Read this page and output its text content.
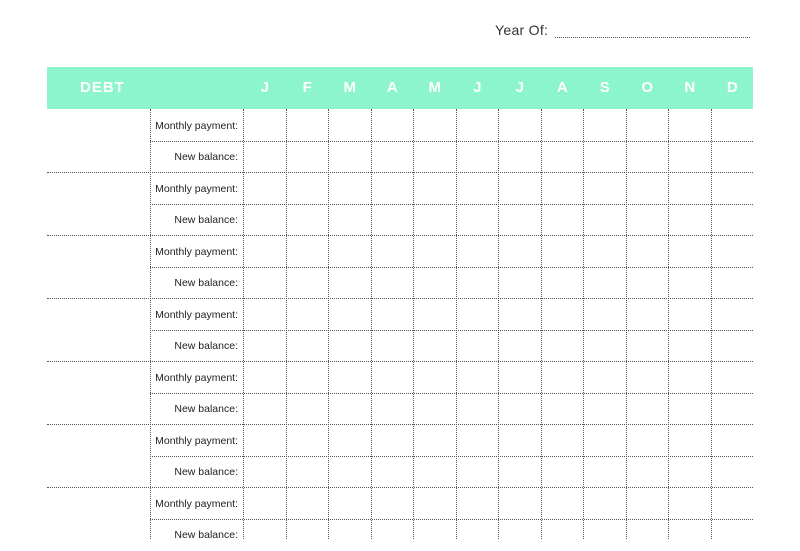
Year Of:
DEBT	J	F	M	A	M	J	J	A	S	O	N	D
Monthly payment:
New balance:
Monthly payment:
New balance:
Monthly payment:
New balance:
Monthly payment:
New balance:
Monthly payment:
New balance:
Monthly payment:
New balance:
Monthly payment:
New balance:
